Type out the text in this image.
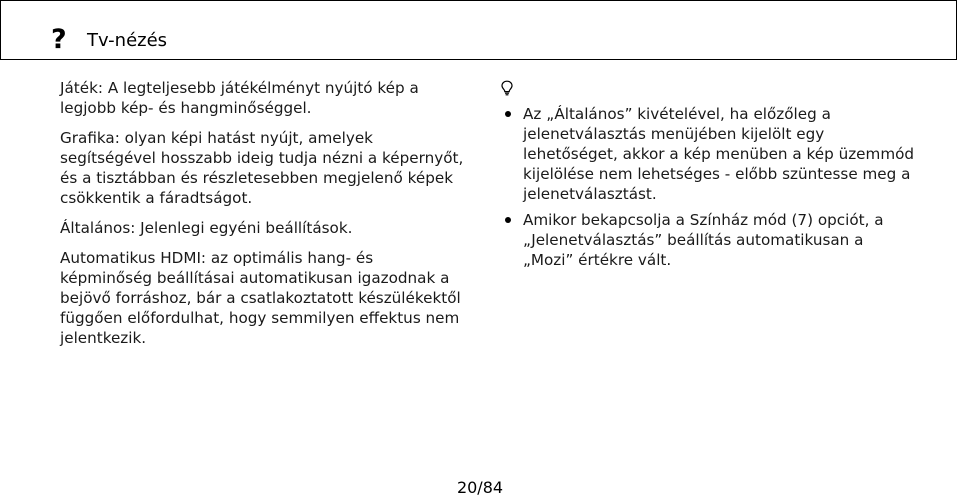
? Tv-nézés

Játék: A legteljesebb játékélményt nyújtó kép a legjobb kép- és hangminőséggel.

Grafika: olyan képi hatást nyújt, amelyek segítségével hosszabb ideig tudja nézni a képernyőt, és a tisztábban és részletesebben megjelenő képek csökkentik a fáradtságot.

Általános: Jelenlegi egyéni beállítások.

Automatikus HDMI: az optimális hang- és képminőség beállításai automatikusan igazodnak a bejövő forráshoz, bár a csatlakoztatott készülékektől függően előfordulhat, hogy semmilyen effektus nem jelentkezik.

Az „Általános” kivételével, ha előzőleg a jelenetválasztás menüjében kijelölt egy lehetőséget, akkor a kép menüben a kép üzemmód kijelölése nem lehetséges - előbb szüntesse meg a jelenetválasztást.
Amikor bekapcsolja a Színház mód (7) opciót, a „Jelenetválasztás” beállítás automatikusan a „Mozi” értékre vált.
20/84
